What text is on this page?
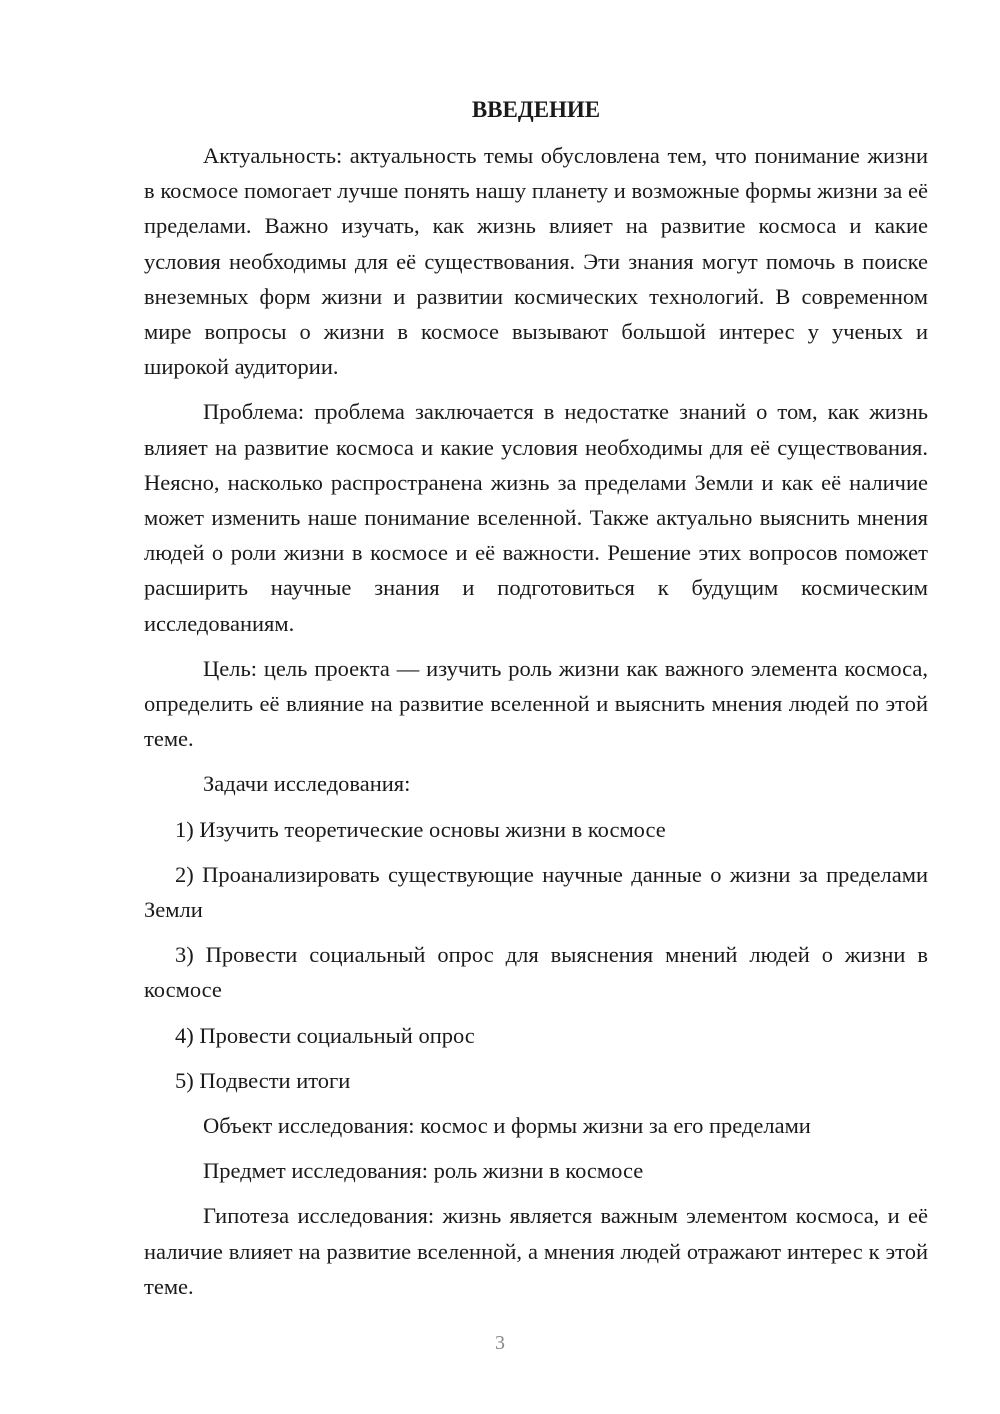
ВВЕДЕНИЕ

Актуальность: актуальность темы обусловлена тем, что понимание жизни в космосе помогает лучше понять нашу планету и возможные формы жизни за её пределами. Важно изучать, как жизнь влияет на развитие космоса и какие условия необходимы для её существования. Эти знания могут помочь в поиске внеземных форм жизни и развитии космических технологий. В современном мире вопросы о жизни в космосе вызывают большой интерес у ученых и широкой аудитории.

Проблема: проблема заключается в недостатке знаний о том, как жизнь влияет на развитие космоса и какие условия необходимы для её существования. Неясно, насколько распространена жизнь за пределами Земли и как её наличие может изменить наше понимание вселенной. Также актуально выяснить мнения людей о роли жизни в космосе и её важности. Решение этих вопросов поможет расширить научные знания и подготовиться к будущим космическим исследованиям.

Цель: цель проекта — изучить роль жизни как важного элемента космоса, определить её влияние на развитие вселенной и выяснить мнения людей по этой теме.

Задачи исследования:

1) Изучить теоретические основы жизни в космосе

2) Проанализировать существующие научные данные о жизни за пределами Земли

3) Провести социальный опрос для выяснения мнений людей о жизни в космосе

4) Провести социальный опрос

5) Подвести итоги

Объект исследования: космос и формы жизни за его пределами

Предмет исследования: роль жизни в космосе

Гипотеза исследования: жизнь является важным элементом космоса, и её наличие влияет на развитие вселенной, а мнения людей отражают интерес к этой теме.

3
